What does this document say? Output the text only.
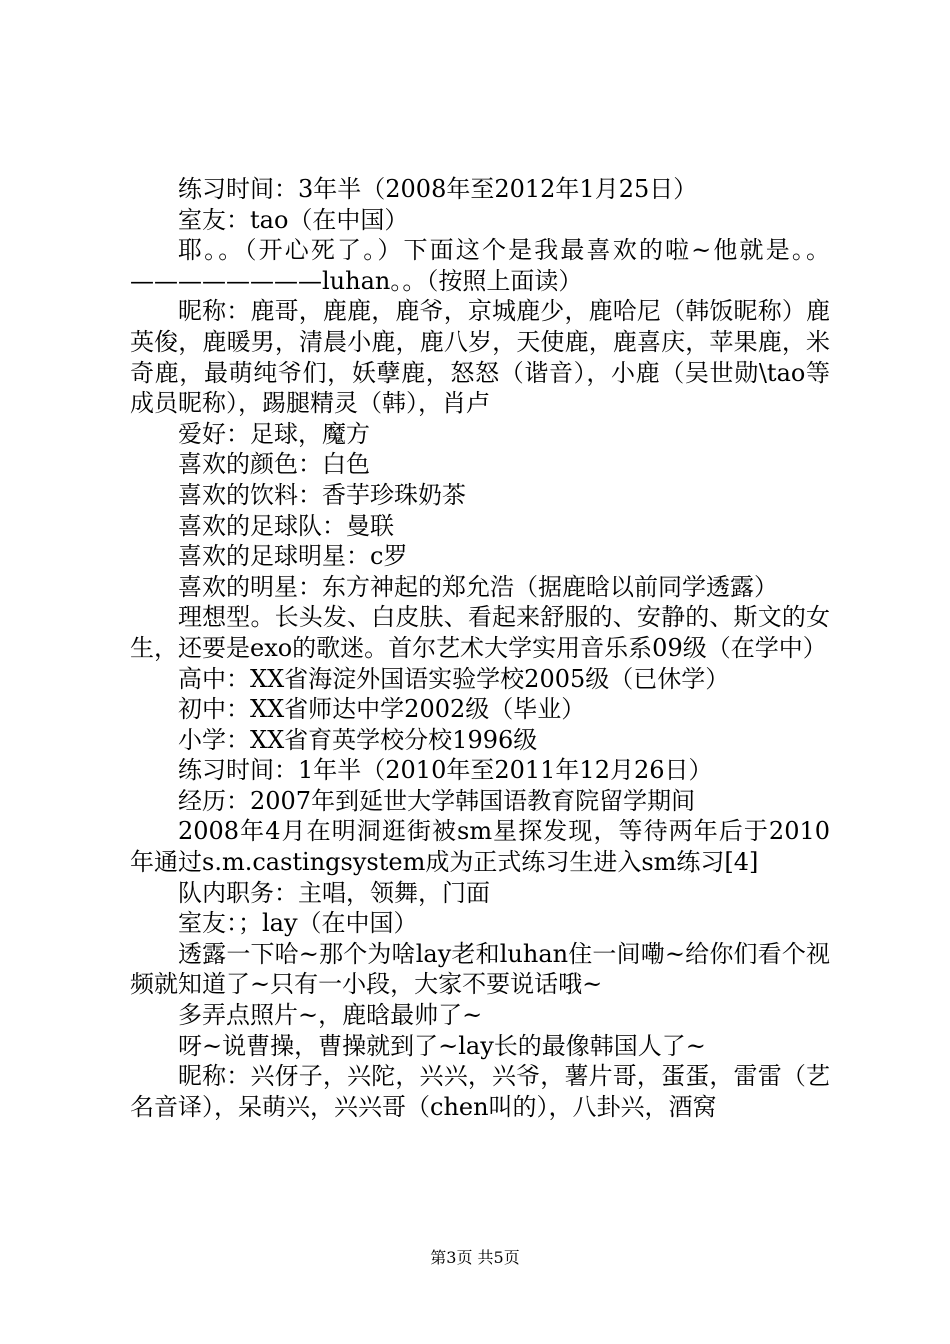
练习时间：3年半（2008年至2012年1月25日）

室友：tao（在中国）

耶。。（开心死了。）下面这个是我最喜欢的啦~他就是。。————————luhan。。（按照上面读）

昵称：鹿哥，鹿鹿，鹿爷，京城鹿少，鹿哈尼（韩饭昵称）鹿英俊，鹿暖男，清晨小鹿，鹿八岁，天使鹿，鹿喜庆，苹果鹿，米奇鹿，最萌纯爷们，妖孽鹿，怒怒（谐音），小鹿（吴世勋\tao等成员昵称），踢腿精灵（韩），肖卢

爱好：足球，魔方

喜欢的颜色：白色

喜欢的饮料：香芋珍珠奶茶

喜欢的足球队：曼联

喜欢的足球明星：c罗

喜欢的明星：东方神起的郑允浩（据鹿晗以前同学透露）

理想型。长头发、白皮肤、看起来舒服的、安静的、斯文的女生，还要是exo的歌迷。首尔艺术大学实用音乐系09级（在学中）

高中：XX省海淀外国语实验学校2005级（已休学）

初中：XX省师达中学2002级（毕业）

小学：XX省育英学校分校1996级

练习时间：1年半（2010年至2011年12月26日）

经历：2007年到延世大学韩国语教育院留学期间

2008年4月在明洞逛街被sm星探发现，等待两年后于2010年通过s.m.castingsystem成为正式练习生进入sm练习[4]

队内职务：主唱，领舞，门面

室友：；lay（在中国）

透露一下哈~那个为啥lay老和luhan住一间嘞~给你们看个视频就知道了~只有一小段，大家不要说话哦~

多弄点照片~，鹿晗最帅了~

呀~说曹操，曹操就到了~lay长的最像韩国人了~

昵称：兴伢子，兴陀，兴兴，兴爷，薯片哥，蛋蛋，雷雷（艺名音译），呆萌兴，兴兴哥（chen叫的），八卦兴，酒窝

第3页 共5页
